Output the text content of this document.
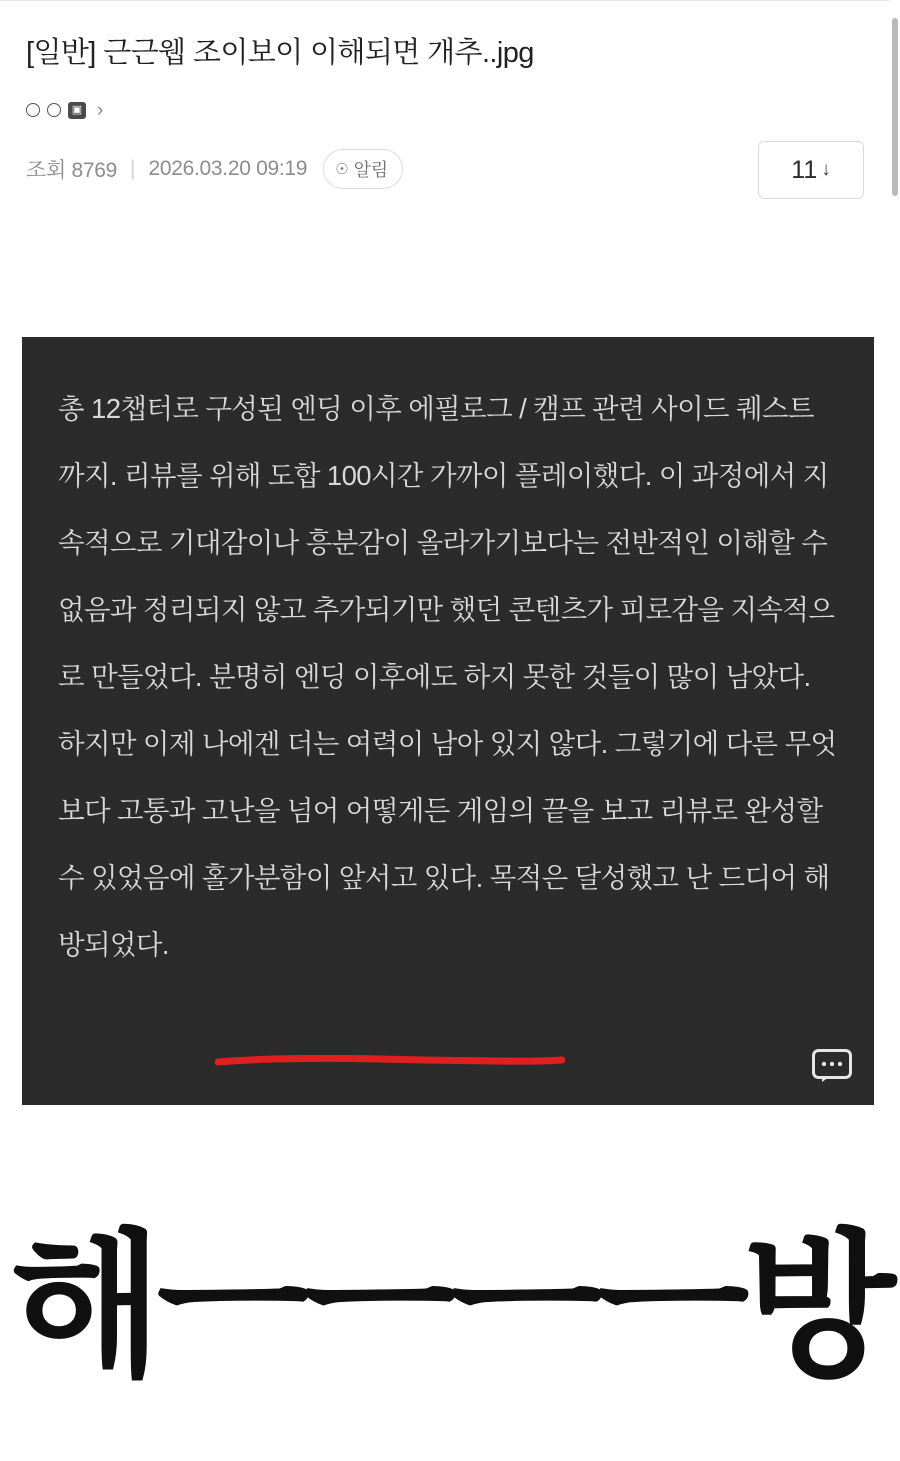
[일반] 근근웹 조이보이 이해되면 개추..jpg
▣ ›
조회 8769 | 2026.03.20 09:19 ☉ 알림	11 ↓

총 12챕터로 구성된 엔딩 이후 에필로그 / 캠프 관련 사이드 퀘스트까지. 리뷰를 위해 도합 100시간 가까이 플레이했다. 이 과정에서 지속적으로 기대감이나 흥분감이 올라가기보다는 전반적인 이해할 수 없음과 정리되지 않고 추가되기만 했던 콘텐츠가 피로감을 지속적으로 만들었다. 분명히 엔딩 이후에도 하지 못한 것들이 많이 남았다. 하지만 이제 나에겐 더는 여력이 남아 있지 않다. 그렇기에 다른 무엇보다 고통과 고난을 넘어 어떻게든 게임의 끝을 보고 리뷰로 완성할 수 있었음에 홀가분함이 앞서고 있다. 목적은 달성했고 난 드디어 해방되었다.

해ㅡㅡㅡㅡ방
